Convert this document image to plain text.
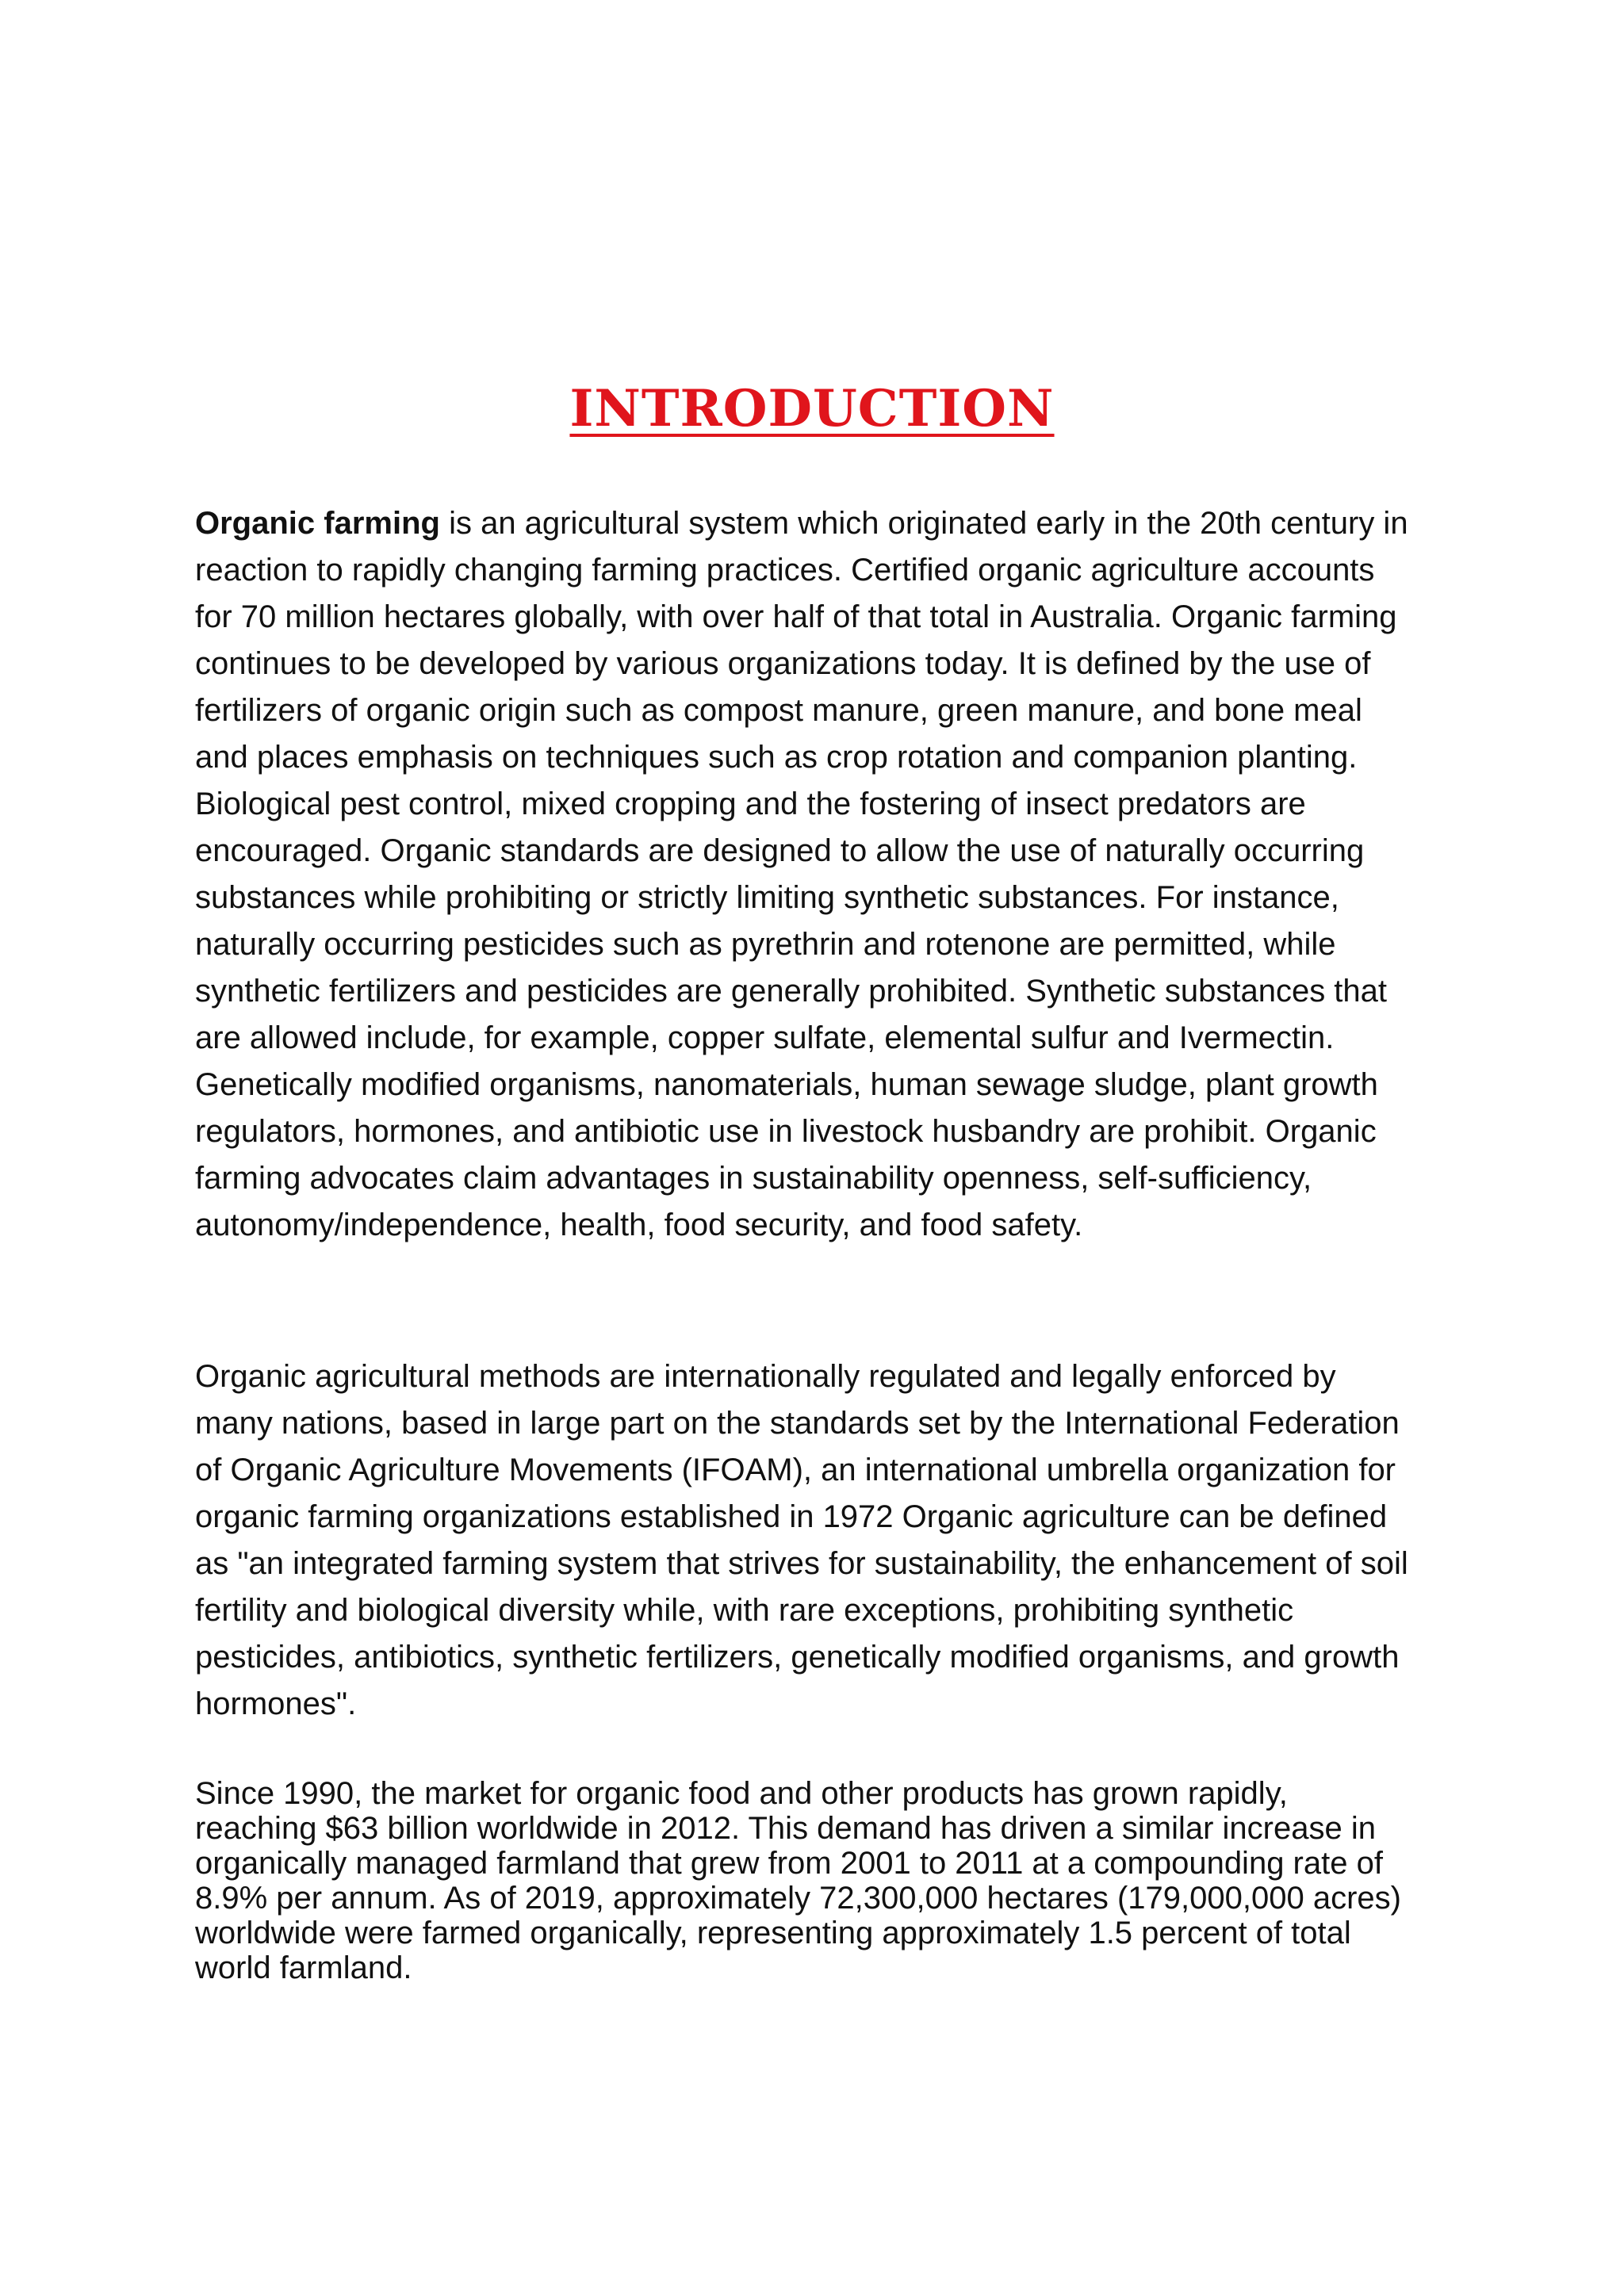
INTRODUCTION

Organic farming is an agricultural system which originated early in the 20th century in reaction to rapidly changing farming practices. Certified organic agriculture accounts for 70 million hectares globally, with over half of that total in Australia. Organic farming continues to be developed by various organizations today. It is defined by the use of fertilizers of organic origin such as compost manure, green manure, and bone meal and places emphasis on techniques such as crop rotation and companion planting. Biological pest control, mixed cropping and the fostering of insect predators are encouraged. Organic standards are designed to allow the use of naturally occurring substances while prohibiting or strictly limiting synthetic substances. For instance, naturally occurring pesticides such as pyrethrin and rotenone are permitted, while synthetic fertilizers and pesticides are generally prohibited. Synthetic substances that are allowed include, for example, copper sulfate, elemental sulfur and Ivermectin. Genetically modified organisms, nanomaterials, human sewage sludge, plant growth regulators, hormones, and antibiotic use in livestock husbandry are prohibit. Organic farming advocates claim advantages in sustainability openness, self-sufficiency, autonomy/independence, health, food security, and food safety.

Organic agricultural methods are internationally regulated and legally enforced by many nations, based in large part on the standards set by the International Federation of Organic Agriculture Movements (IFOAM), an international umbrella organization for organic farming organizations established in 1972 Organic agriculture can be defined as "an integrated farming system that strives for sustainability, the enhancement of soil fertility and biological diversity while, with rare exceptions, prohibiting synthetic pesticides, antibiotics, synthetic fertilizers, genetically modified organisms, and growth hormones".

Since 1990, the market for organic food and other products has grown rapidly, reaching $63 billion worldwide in 2012. This demand has driven a similar increase in organically managed farmland that grew from 2001 to 2011 at a compounding rate of 8.9% per annum. As of 2019, approximately 72,300,000 hectares (179,000,000 acres) worldwide were farmed organically, representing approximately 1.5 percent of total world farmland.
